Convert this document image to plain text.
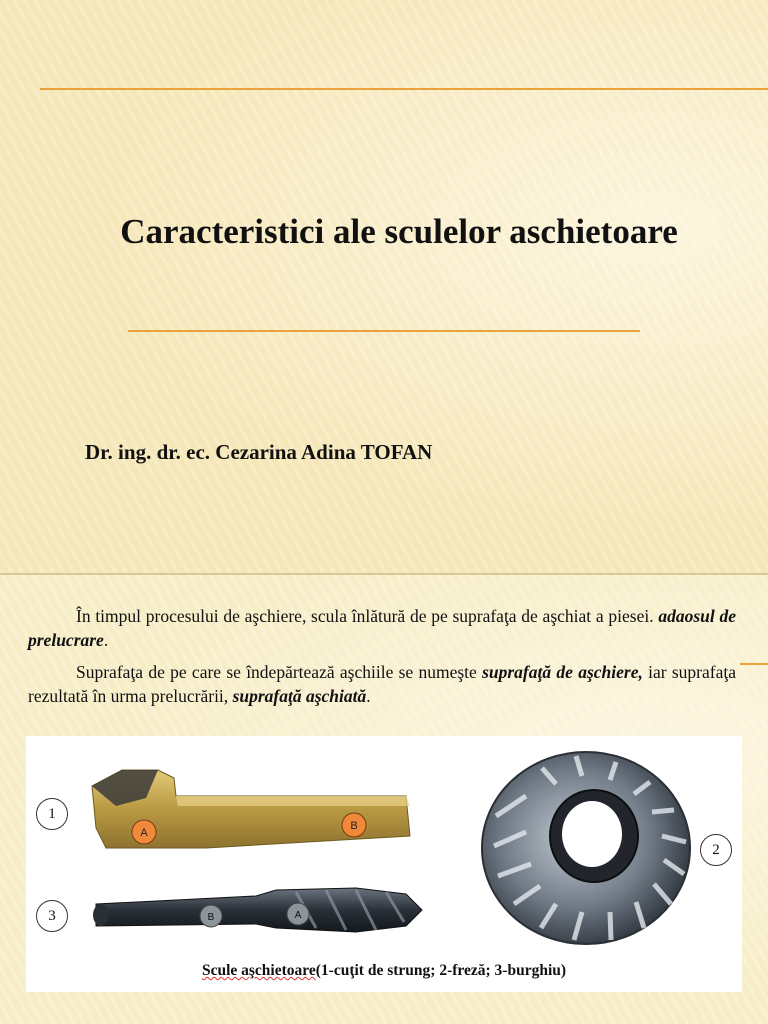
Caracteristici ale sculelor aschietoare
Dr. ing. dr. ec. Cezarina Adina TOFAN
În timpul procesului de aşchiere, scula înlătură de pe suprafaţa de aşchiat a piesei. adaosul de prelucrare.
Suprafaţa de pe care se îndepărtează aşchiile se numeşte suprafaţă de aşchiere, iar suprafaţa rezultată în urma prelucrării, suprafaţă aşchiată.
A
B
B	A
1
2
3
Scule aşchietoare(1-cuţit de strung; 2-freză; 3-burghiu)
